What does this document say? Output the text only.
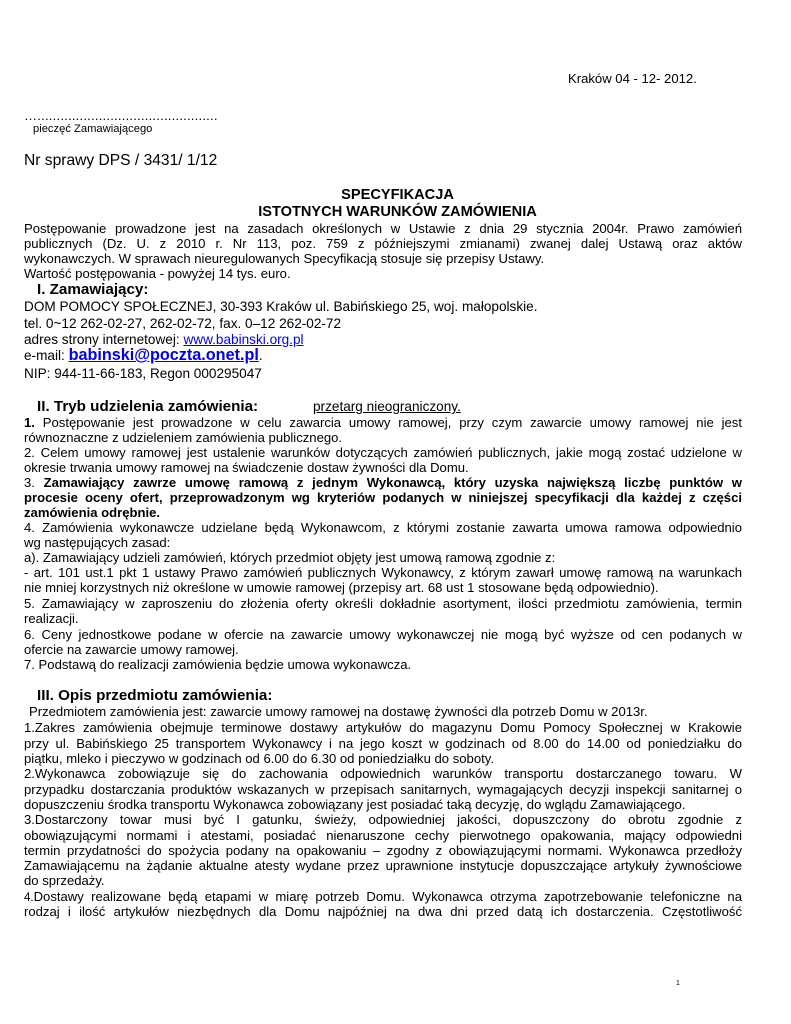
Kraków 04 - 12- 2012.
…...............................................
pieczęć Zamawiającego
Nr sprawy DPS / 3431/ 1/12
SPECYFIKACJA
ISTOTNYCH WARUNKÓW ZAMÓWIENIA
Postępowanie prowadzone jest na zasadach określonych w Ustawie z dnia 29 stycznia 2004r. Prawo zamówień
publicznych (Dz. U. z 2010 r. Nr 113, poz. 759 z późniejszymi zmianami) zwanej dalej Ustawą oraz aktów
wykonawczych. W sprawach nieuregulowanych Specyfikacją stosuje się przepisy Ustawy.
Wartość postępowania - powyżej 14 tys. euro.
I. Zamawiający:
DOM POMOCY SPOŁECZNEJ, 30-393 Kraków ul. Babińskiego 25, woj. małopolskie.
tel. 0~12 262-02-27, 262-02-72, fax. 0–12 262-02-72
adres strony internetowej: www.babinski.org.pl
e-mail: babinski@poczta.onet.pl.
NIP: 944-11-66-183, Regon 000295047
II. Tryb udzielenia zamówienia:	przetarg nieograniczony.
1. Postępowanie jest prowadzone w celu zawarcia umowy ramowej, przy czym zawarcie umowy ramowej nie jest
równoznaczne z udzieleniem zamówienia publicznego.
2. Celem umowy ramowej jest ustalenie warunków dotyczących zamówień publicznych, jakie mogą zostać udzielone w
okresie trwania umowy ramowej na świadczenie dostaw żywności dla Domu.
3. Zamawiający zawrze umowę ramową z jednym Wykonawcą, który uzyska największą liczbę punktów w
procesie oceny ofert, przeprowadzonym wg kryteriów podanych w niniejszej specyfikacji dla każdej z części
zamówienia odrębnie.
4. Zamówienia wykonawcze udzielane będą Wykonawcom, z którymi zostanie zawarta umowa ramowa odpowiednio
wg następujących zasad:
a). Zamawiający udzieli zamówień, których przedmiot objęty jest umową ramową zgodnie z:
- art. 101 ust.1 pkt 1 ustawy Prawo zamówień publicznych Wykonawcy, z którym zawarł umowę ramową na warunkach
nie mniej korzystnych niż określone w umowie ramowej (przepisy art. 68 ust 1 stosowane będą odpowiednio).
5. Zamawiający w zaproszeniu do złożenia oferty określi dokładnie asortyment, ilości przedmiotu zamówienia, termin
realizacji.
6. Ceny jednostkowe podane w ofercie na zawarcie umowy wykonawczej nie mogą być wyższe od cen podanych w
ofercie na zawarcie umowy ramowej.
7. Podstawą do realizacji zamówienia będzie umowa wykonawcza.
III. Opis przedmiotu zamówienia:
Przedmiotem zamówienia jest: zawarcie umowy ramowej na dostawę żywności dla potrzeb Domu w 2013r.
1.Zakres zamówienia obejmuje terminowe dostawy artykułów do magazynu Domu Pomocy Społecznej w Krakowie
przy ul. Babińskiego 25 transportem Wykonawcy i na jego koszt w godzinach od 8.00 do 14.00 od poniedziałku do
piątku, mleko i pieczywo w godzinach od 6.00 do 6.30 od poniedziałku do soboty.
2.Wykonawca zobowiązuje się do zachowania odpowiednich warunków transportu dostarczanego towaru. W
przypadku dostarczania produktów wskazanych w przepisach sanitarnych, wymagających decyzji inspekcji sanitarnej o
dopuszczeniu środka transportu Wykonawca zobowiązany jest posiadać taką decyzję, do wglądu Zamawiającego.
3.Dostarczony towar musi być I gatunku, świeży, odpowiedniej jakości, dopuszczony do obrotu zgodnie z
obowiązującymi normami i atestami, posiadać nienaruszone cechy pierwotnego opakowania, mający odpowiedni
termin przydatności do spożycia podany na opakowaniu – zgodny z obowiązującymi normami. Wykonawca przedłoży
Zamawiającemu na żądanie aktualne atesty wydane przez uprawnione instytucje dopuszczające artykuły żywnościowe
do sprzedaży.
4.Dostawy realizowane będą etapami w miarę potrzeb Domu. Wykonawca otrzyma zapotrzebowanie telefoniczne na
rodzaj i ilość artykułów niezbędnych dla Domu najpóźniej na dwa dni przed datą ich dostarczenia. Częstotliwość
1
